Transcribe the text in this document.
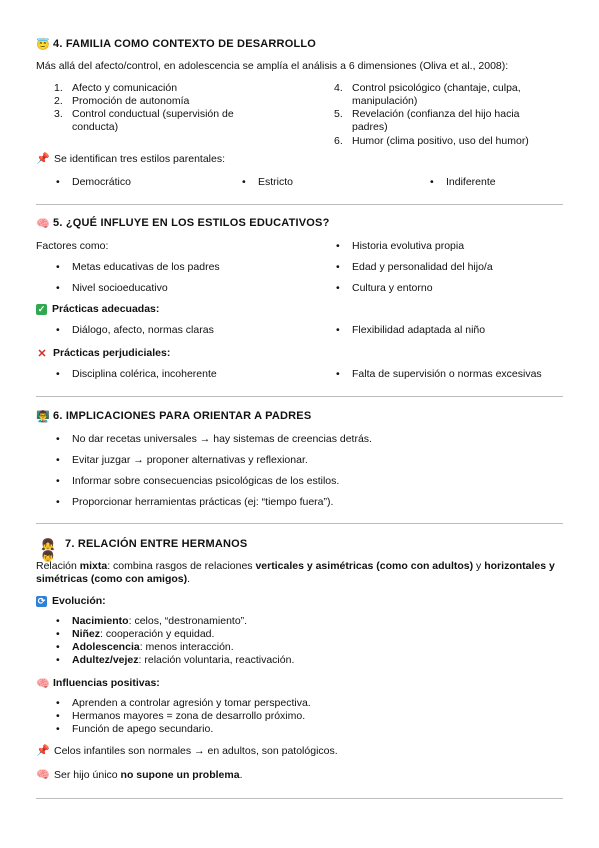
😇 4. FAMILIA COMO CONTEXTO DE DESARROLLO

Más allá del afecto/control, en adolescencia se amplía el análisis a 6 dimensiones (Oliva et al., 2008):

1. Afecto y comunicación
2. Promoción de autonomía
3. Control conductual (supervisión de conducta)
4. Control psicológico (chantaje, culpa, manipulación)
5. Revelación (confianza del hijo hacia padres)
6. Humor (clima positivo, uso del humor)
📌 Se identifican tres estilos parentales:
• Democrático	• Estricto	• Indiferente
🧠 5. ¿QUÉ INFLUYE EN LOS ESTILOS EDUCATIVOS?
Factores como:	• Historia evolutiva propia
• Metas educativas de los padres	• Edad y personalidad del hijo/a
• Nivel socioeducativo	• Cultura y entorno
✓ Prácticas adecuadas:
• Diálogo, afecto, normas claras	• Flexibilidad adaptada al niño
✕ Prácticas perjudiciales:
• Disciplina colérica, incoherente	• Falta de supervisión o normas excesivas
👨‍🏫 6. IMPLICACIONES PARA ORIENTAR A PADRES
• No dar recetas universales → hay sistemas de creencias detrás.
• Evitar juzgar → proponer alternativas y reflexionar.
• Informar sobre consecuencias psicológicas de los estilos.
• Proporcionar herramientas prácticas (ej: “tiempo fuera”).
👧👦
7. RELACIÓN ENTRE HERMANOS

Relación mixta: combina rasgos de relaciones verticales y asimétricas (como con adultos) y horizontales y simétricas (como con amigos).

⟳ Evolución:
• Nacimiento: celos, “destronamiento”.
• Niñez: cooperación y equidad.
• Adolescencia: menos interacción.
• Adultez/vejez: relación voluntaria, reactivación.
🧠 Influencias positivas:
• Aprenden a controlar agresión y tomar perspectiva.
• Hermanos mayores = zona de desarrollo próximo.
• Función de apego secundario.
📌 Celos infantiles son normales → en adultos, son patológicos.
🧠 Ser hijo único no supone un problema.
